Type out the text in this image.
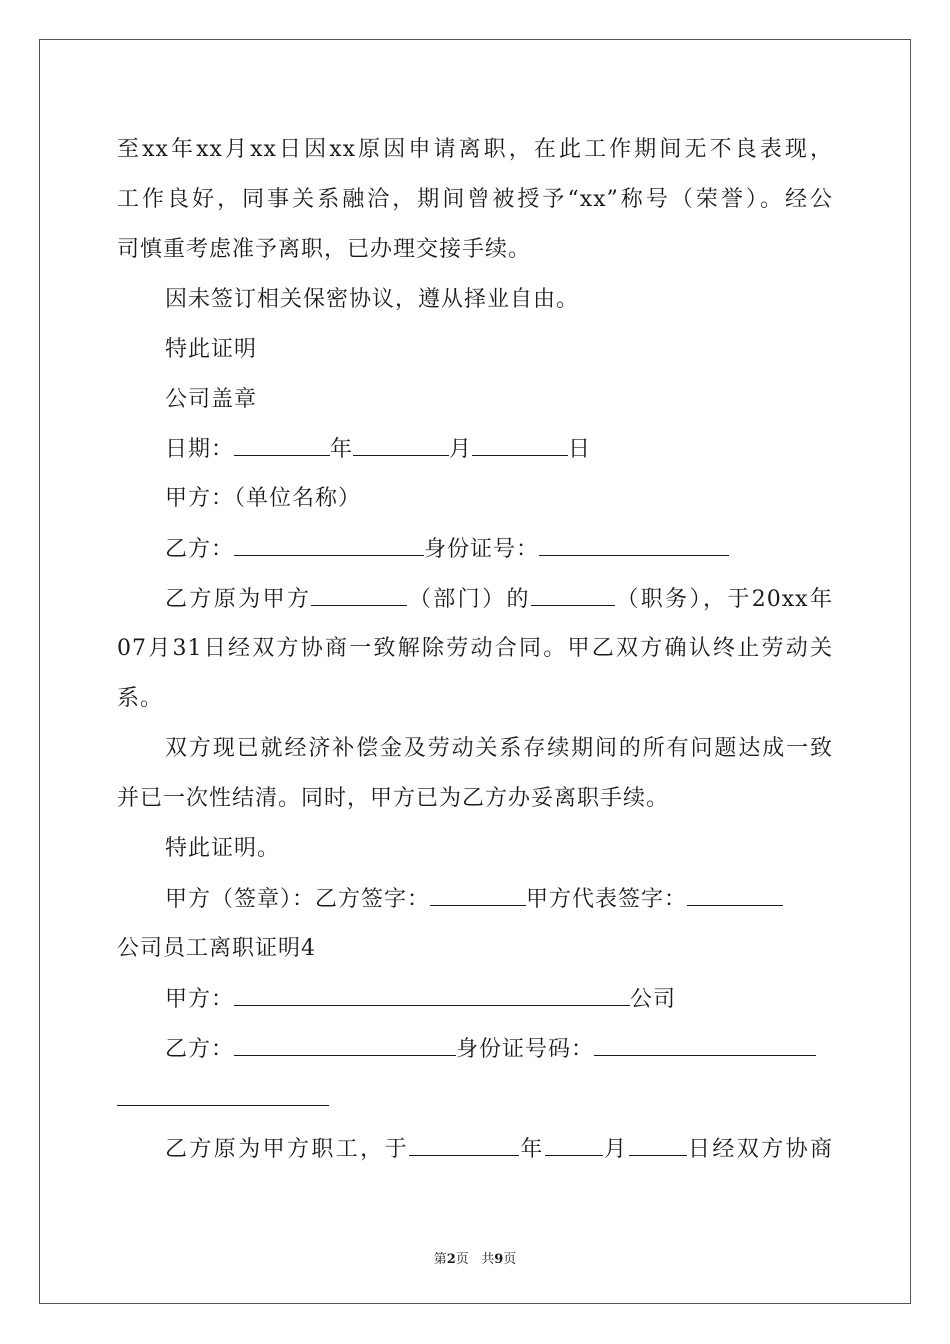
至xx年xx月xx日因xx原因申请离职，在此工作期间无不良表现，
工作良好，同事关系融洽，期间曾被授予“xx”称号（荣誉）。经公
司慎重考虑准予离职，已办理交接手续。
因未签订相关保密协议，遵从择业自由。
特此证明
公司盖章
日期：	年	月	日
甲方：（单位名称）
乙方：	身份证号：
乙方原为甲方	（部门）的	（职务），于20xx年
07月31日经双方协商一致解除劳动合同。甲乙双方确认终止劳动关
系。
双方现已就经济补偿金及劳动关系存续期间的所有问题达成一致
并已一次性结清。同时，甲方已为乙方办妥离职手续。
特此证明。
甲方（签章）：乙方签字：	甲方代表签字：
公司员工离职证明4
甲方：	公司
乙方：	身份证号码：
乙方原为甲方职工，于	年	月	日经双方协商
第2页 共9页
